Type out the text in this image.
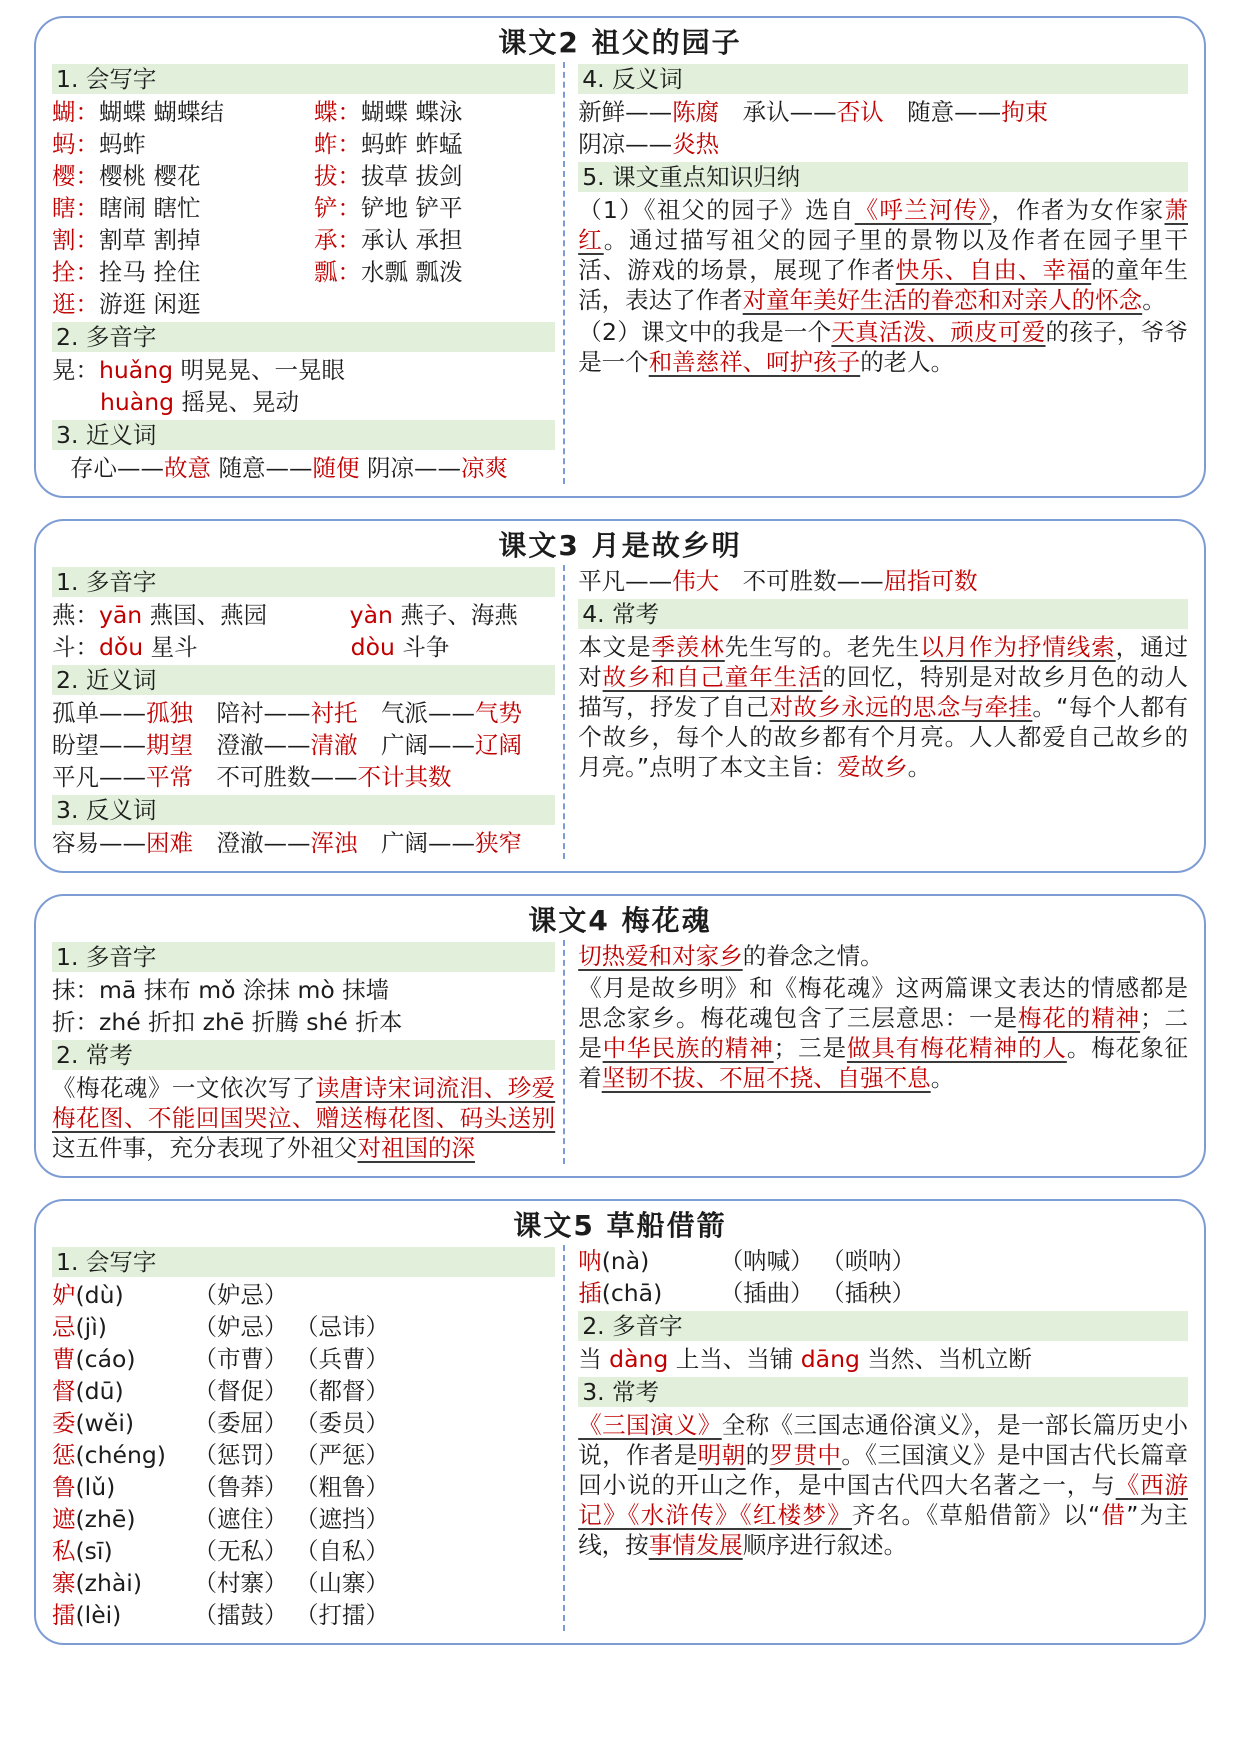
课文2 祖父的园子
1. 会写字
蝴：蝴蝶 蝴蝶结	蝶：蝴蝶 蝶泳
蚂：蚂蚱	蚱：蚂蚱 蚱蜢
樱：樱桃 樱花	拔：拔草 拔剑
瞎：瞎闹 瞎忙	铲：铲地 铲平
割：割草 割掉	承：承认 承担
拴：拴马 拴住	瓢：水瓢 瓢泼
逛：游逛 闲逛
2. 多音字
晃：huǎng 明晃晃、一晃眼
huàng 摇晃、晃动
3. 近义词
存心——故意 随意——随便 阴凉——凉爽
4. 反义词
新鲜——陈腐　承认——否认　随意——拘束
阴凉——炎热
5. 课文重点知识归纳
（1）《祖父的园子》选自《呼兰河传》，作者为女作家萧红。通过描写祖父的园子里的景物以及作者在园子里干活、游戏的场景，展现了作者快乐、自由、幸福的童年生活，表达了作者对童年美好生活的眷恋和对亲人的怀念。
（2）课文中的我是一个天真活泼、顽皮可爱的孩子，爷爷是一个和善慈祥、呵护孩子的老人。
课文3 月是故乡明
1. 多音字
燕：yān 燕国、燕园	yàn 燕子、海燕
斗：dǒu 星斗	dòu 斗争
2. 近义词
孤单——孤独　陪衬——衬托　气派——气势
盼望——期望　澄澈——清澈　广阔——辽阔
平凡——平常　不可胜数——不计其数
3. 反义词
容易——困难　澄澈——浑浊　广阔——狭窄
平凡——伟大　不可胜数——屈指可数
4. 常考
本文是季羡林先生写的。老先生以月作为抒情线索，通过对故乡和自己童年生活的回忆，特别是对故乡月色的动人描写，抒发了自己对故乡永远的思念与牵挂。“每个人都有个故乡，每个人的故乡都有个月亮。人人都爱自己故乡的月亮。”点明了本文主旨：爱故乡。
课文4 梅花魂
1. 多音字
抹：mā 抹布 mǒ 涂抹 mò 抹墙
折：zhé 折扣 zhē 折腾 shé 折本
2. 常考
《梅花魂》一文依次写了读唐诗宋词流泪、珍爱梅花图、不能回国哭泣、赠送梅花图、码头送别这五件事，充分表现了外祖父对祖国的深
切热爱和对家乡的眷念之情。
《月是故乡明》和《梅花魂》这两篇课文表达的情感都是思念家乡。梅花魂包含了三层意思：一是梅花的精神；二是中华民族的精神；三是做具有梅花精神的人。梅花象征着坚韧不拔、不屈不挠、自强不息。
课文5 草船借箭
1. 会写字
妒(dù)	（妒忌）
忌(jì)	（妒忌） （忌讳）
曹(cáo) （市曹） （兵曹）
督(dū)	（督促） （都督）
委(wěi)	（委屈） （委员）
惩(chéng) （惩罚） （严惩）
鲁(lǔ)	（鲁莽） （粗鲁）
遮(zhē) （遮住） （遮挡）
私(sī)	（无私） （自私）
寨(zhài) （村寨） （山寨）
擂(lèi)	（擂鼓） （打擂）
呐(nà)	（呐喊） （唢呐）
插(chā) （插曲） （插秧）
2. 多音字
当 dàng 上当、当铺 dāng 当然、当机立断
3. 常考
《三国演义》全称《三国志通俗演义》，是一部长篇历史小说，作者是明朝的罗贯中。《三国演义》是中国古代长篇章回小说的开山之作，是中国古代四大名著之一，与《西游记》《水浒传》《红楼梦》齐名。《草船借箭》以“借”为主线，按事情发展顺序进行叙述。
